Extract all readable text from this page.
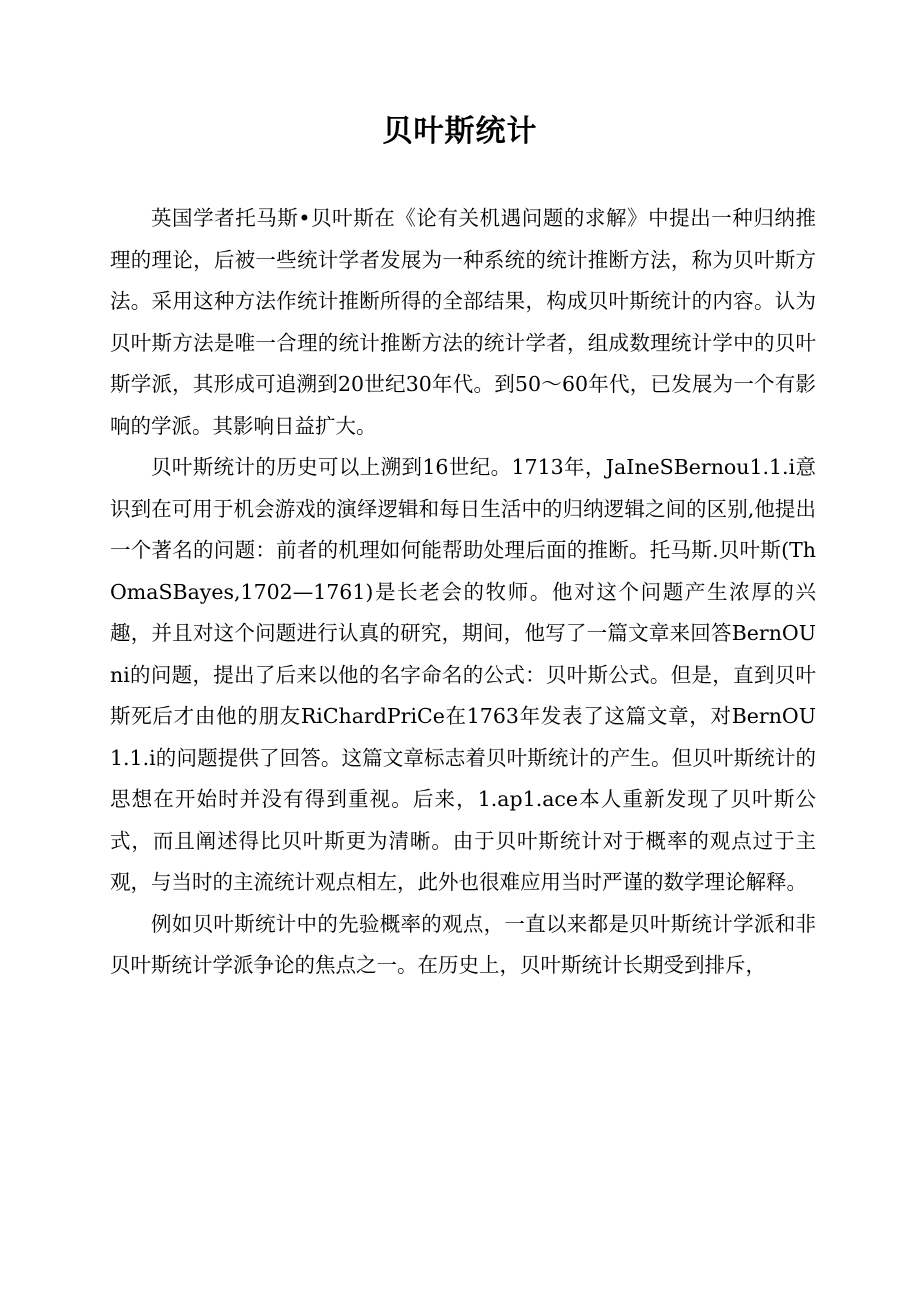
贝叶斯统计

英国学者托马斯•贝叶斯在《论有关机遇问题的求解》中提出一种归纳推理的理论，后被一些统计学者发展为一种系统的统计推断方法，称为贝叶斯方法。采用这种方法作统计推断所得的全部结果，构成贝叶斯统计的内容。认为贝叶斯方法是唯一合理的统计推断方法的统计学者，组成数理统计学中的贝叶斯学派，其形成可追溯到20世纪30年代。到50～60年代，已发展为一个有影响的学派。其影响日益扩大。

贝叶斯统计的历史可以上溯到16世纪。1713年，JaIneSBernou1.1.i意识到在可用于机会游戏的演绎逻辑和每日生活中的归纳逻辑之间的区别,他提出一个著名的问题：前者的机理如何能帮助处理后面的推断。托马斯.贝叶斯(ThOmaSBayes,1702—1761)是长老会的牧师。他对这个问题产生浓厚的兴趣，并且对这个问题进行认真的研究，期间，他写了一篇文章来回答BernOUni的问题，提出了后来以他的名字命名的公式：贝叶斯公式。但是，直到贝叶斯死后才由他的朋友RiChardPriCe在1763年发表了这篇文章，对BernOU1.1.i的问题提供了回答。这篇文章标志着贝叶斯统计的产生。但贝叶斯统计的思想在开始时并没有得到重视。后来，1.ap1.ace本人重新发现了贝叶斯公式，而且阐述得比贝叶斯更为清晰。由于贝叶斯统计对于概率的观点过于主观，与当时的主流统计观点相左，此外也很难应用当时严谨的数学理论解释。

例如贝叶斯统计中的先验概率的观点，一直以来都是贝叶斯统计学派和非贝叶斯统计学派争论的焦点之一。在历史上，贝叶斯统计长期受到排斥，
